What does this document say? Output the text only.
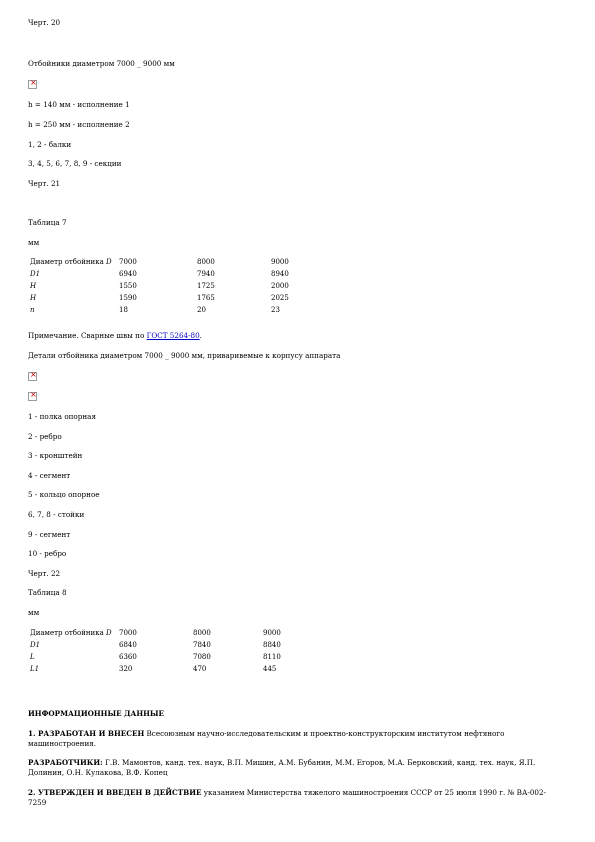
Черт. 20

Отбойники диаметром 7000 _ 9000 мм

×

h = 140 мм - исполнение 1

h = 250 мм - исполнение 2

1, 2 - балки

3, 4, 5, 6, 7, 8, 9 - секции

Черт. 21

Таблица 7

мм

Диаметр отбойника D	7000	8000	9000
D1	6940	7940	8940
H	1550	1725	2000
H	1590	1765	2025
n	18	20	23

Примечание. Сварные швы по ГОСТ 5264-80.

Детали отбойника диаметром 7000 _ 9000 мм, приваривемые к корпусу аппарата

×
×

1 - полка опорная

2 - ребро

3 - кронштейн

4 - сегмент

5 - кольцо опорное

6, 7, 8 - стойки

9 - сегмент

10 - ребро

Черт. 22

Таблица 8

мм

Диаметр отбойника D	7000	8000	9000
D1	6840	7840	8840
L	6360	7080	8110
L1	320	470	445

ИНФОРМАЦИОННЫЕ ДАННЫЕ

1. РАЗРАБОТАН И ВНЕСЕН Всесоюзным научно-исследовательским и проектно-конструкторским институтом нефтяного машиностроения.

РАЗРАБОТЧИКИ: Г.В. Мамонтов, канд. тех. наук, В.П. Мишин, А.М. Бубанин, М.М. Егоров, М.А. Берковский, канд. тех. наук, Я.П. Долинин, О.Н. Кулакова, В.Ф. Копец

2. УТВЕРЖДЕН И ВВЕДЕН В ДЕЙСТВИЕ указанием Министерства тяжелого машиностроения СССР от 25 июля 1990 г. № ВА-002-7259
